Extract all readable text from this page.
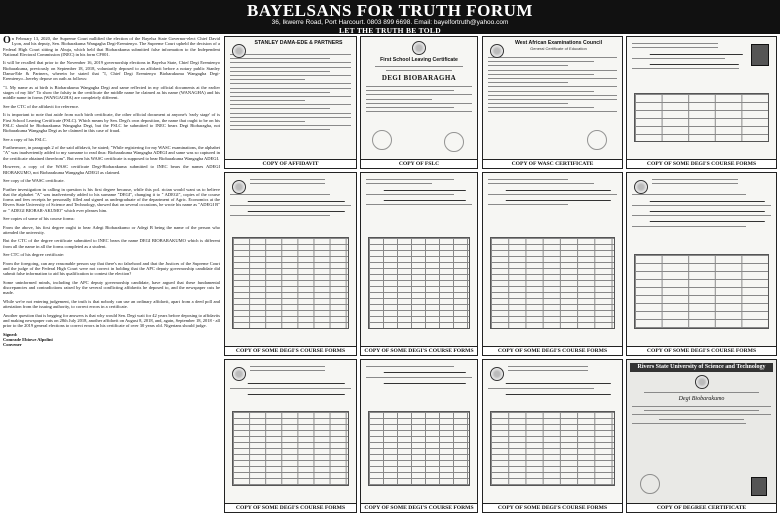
BAYELSANS FOR TRUTH FORUM
36, Ikwerre Road, Port Harcourt. 0803 899 6698. Email: bayelfortruth@yahoo.com
LET THE TRUTH BE TOLD

On February 13, 2020, the Supreme Court nullified the election of the Bayelsa State Governor-elect Chief David Lyon, and his deputy, Sen. Biobarakuma Wangagha Degi-Eremienyo. The Supreme Court upheld the decision of a Federal High Court sitting in Abuja, which held that Biobarakuma submitted false information to the Independent National Electoral Commission (INEC) in his form CF001.

It will be recalled that prior to the November 16, 2019 governorship elections in Bayelsa State, Chief Degi Eremienyo Biobarakuma, previously on September 18, 2018, voluntarily deposed to an affidavit before a notary public Stanley Dama-Ede & Partners, wherein he stated that "I, Chief Degi Eremienyo Biobarakuma Wangagha Degi-Eremienyo...hereby depose on oath as follows:

"1. My name as at birth is Biobarakuma Wangagha Degi and same reflected in my official documents at the earlier stages of my life" To show the falsity in the certificate the middle name he claimed as his name (WANAGHA) and his middle name in forms (WANGAGHA) are completely different.

See the CTC of the affidavit for reference.

It is important to note that aside from such birth certificate, the other official document at anyone's 'early stage' of is First School Leaving Certificate (FSLC). Which means by Sen. Degi's own deposition, the name that ought to be on his FSLC should be Biobarakuma Wangagha Degi, but the FSLC he submitted to INEC bears Degi Biobaragha, not Biobarakuma Wangagha Degi as he claimed in this case of fraud.

See a copy of his FSLC.

Furthermore, in paragraph 2 of the said affidavit, he stated; "While registering for my WASC examinations, the alphabet "A" was inadvertently added to my surname to read thus: Biobarakuma Wangagha ADEGI and same was so captured in the certificate obtained therefrom". But even his WASC certificate is supposed to bear Biobarakuma Wangagha ADEGI.

However, a copy of the WASC certificate Degi-Biobarakuma submitted to INEC bears the names ADEGI BIOBAKUMO, not Biobarakuma Wangagha ADEGI as claimed.

See copy of the WASC certificate.

Further investigation in calling in question is his first degree because, while this pol. rician would want us to believe that the alphabet "A" was inadvertently added to his surname "DEGI", changing it to " ADEGI", copies of the course forms and fees receipts he personally filled and signed as undergraduate of the department of Agric. Economics at the Rivers State University of Science and Technology, showed that on several occasions, he wrote his name as "ADEGI B" or " ADEGI BIOBAR-AKUMO" which ever pleases him.

See copies of some of his course forms:

From the above, his first degree ought to bear Adegi Biobarakumo or Adegi B being the name of the person who attended the university.

But the CTC of the degree certificate submitted to INEC bears the name DEGI BIOBARAKUMO which is different from all the name in all the forms completed as a student.

See CTC of his degree certificate:

From the foregoing, can any reasonable person say that there's no falsehood and that the Justices of the Supreme Court and the judge of the Federal High Court were not correct in holding that the APC deputy governorship candidate did submit false information to aid his qualification to contest the election?

Some uninformed minds, including the APC deputy governorship candidate, have argued that these fundamental discrepancies and contradictions raised by the several conflicting affidavits he deposed to, and the newspaper cuts he made.

While we're not entering judgement, the truth is that nobody can use an ordinary affidavit, apart from a deed poll and attestation from the issuing authority, to correct errors in a certificate.

Another question that is begging for answers is that why would Sen. Degi wait for 42 years before deposing to affidavits and making newspaper cuts on 28th July 2018, another affidavit on August 8, 2018, and, again, September 18, 2018 - all prior to the 2019 general elections to correct errors in his certificate of over 30 years old. Nigerians should judge.

Signed:

Comrade Ebiowe Alpolini

Convener

STANLEY DAMA-EDE & PARTNERS
COPY OF AFFIDAVIT
First School Leaving Certificate
DEGI BIOBARAGHA
COPY OF FSLC
West African Examinations Council
General Certificate of Education
COPY OF WASC CERTIFICATE	COPY OF SOME DEGI'S COURSE FORMS
COPY OF SOME DEGI'S COURSE FORMS	COPY OF SOME DEGI'S COURSE FORMS	COPY OF SOME DEGI'S COURSE FORMS	COPY OF SOME DEGI'S COURSE FORMS
COPY OF SOME DEGI'S COURSE FORMS	COPY OF SOME DEGI'S COURSE FORMS	COPY OF SOME DEGI'S COURSE FORMS
Rivers State University of Science and Technology
Degi Biobarakumo
COPY OF DEGREE CERTIFICATE
